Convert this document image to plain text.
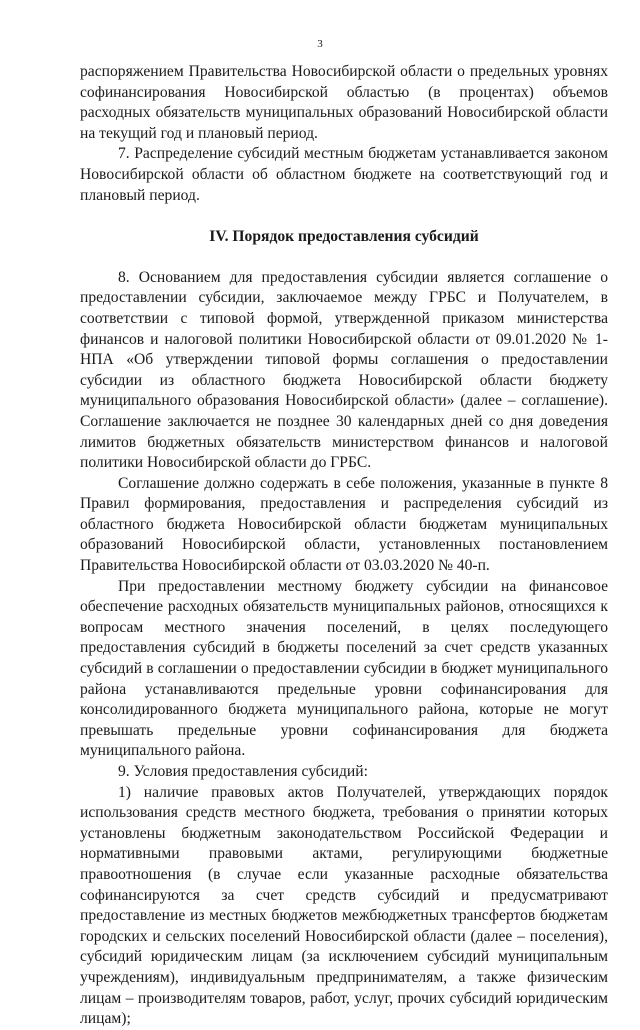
3

распоряжением Правительства Новосибирской области о предельных уровнях софинансирования Новосибирской областью (в процентах) объемов расходных обязательств муниципальных образований Новосибирской области на текущий год и плановый период.

7. Распределение субсидий местным бюджетам устанавливается законом Новосибирской области об областном бюджете на соответствующий год и плановый период.

IV. Порядок предоставления субсидий

8. Основанием для предоставления субсидии является соглашение о предоставлении субсидии, заключаемое между ГРБС и Получателем, в соответствии с типовой формой, утвержденной приказом министерства финансов и налоговой политики Новосибирской области от 09.01.2020 № 1-НПА «Об утверждении типовой формы соглашения о предоставлении субсидии из областного бюджета Новосибирской области бюджету муниципального образования Новосибирской области» (далее – соглашение). Соглашение заключается не позднее 30 календарных дней со дня доведения лимитов бюджетных обязательств министерством финансов и налоговой политики Новосибирской области до ГРБС.

Соглашение должно содержать в себе положения, указанные в пункте 8 Правил формирования, предоставления и распределения субсидий из областного бюджета Новосибирской области бюджетам муниципальных образований Новосибирской области, установленных постановлением Правительства Новосибирской области от 03.03.2020 № 40-п.

При предоставлении местному бюджету субсидии на финансовое обеспечение расходных обязательств муниципальных районов, относящихся к вопросам местного значения поселений, в целях последующего предоставления субсидий в бюджеты поселений за счет средств указанных субсидий в соглашении о предоставлении субсидии в бюджет муниципального района устанавливаются предельные уровни софинансирования для консолидированного бюджета муниципального района, которые не могут превышать предельные уровни софинансирования для бюджета муниципального района.

9. Условия предоставления субсидий:

1) наличие правовых актов Получателей, утверждающих порядок использования средств местного бюджета, требования о принятии которых установлены бюджетным законодательством Российской Федерации и нормативными правовыми актами, регулирующими бюджетные правоотношения (в случае если указанные расходные обязательства софинансируются за счет средств субсидий и предусматривают предоставление из местных бюджетов межбюджетных трансфертов бюджетам городских и сельских поселений Новосибирской области (далее – поселения), субсидий юридическим лицам (за исключением субсидий муниципальным учреждениям), индивидуальным предпринимателям, а также физическим лицам – производителям товаров, работ, услуг, прочих субсидий юридическим лицам);
